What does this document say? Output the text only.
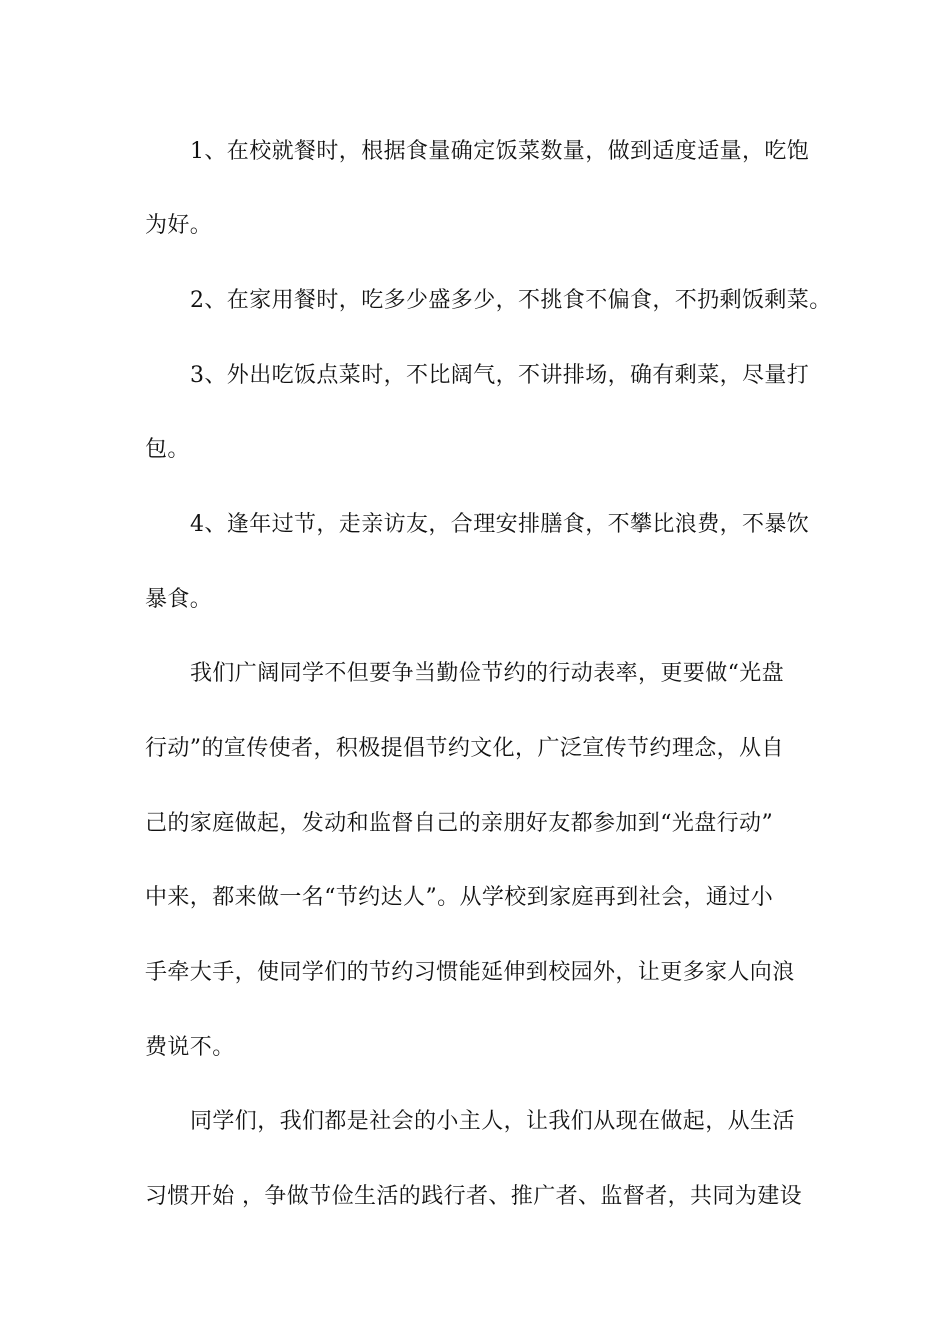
1、在校就餐时，根据食量确定饭菜数量，做到适度适量，吃饱
为好。
2、在家用餐时，吃多少盛多少，不挑食不偏食，不扔剩饭剩菜。
3、外出吃饭点菜时，不比阔气，不讲排场，确有剩菜，尽量打
包。
4、逢年过节，走亲访友，合理安排膳食，不攀比浪费，不暴饮
暴食。
我们广阔同学不但要争当勤俭节约的行动表率，更要做“光盘
行动”的宣传使者，积极提倡节约文化，广泛宣传节约理念，从自
己的家庭做起，发动和监督自己的亲朋好友都参加到“光盘行动”
中来，都来做一名“节约达人”。从学校到家庭再到社会，通过小
手牵大手，使同学们的节约习惯能延伸到校园外，让更多家人向浪
费说不。
同学们，我们都是社会的小主人，让我们从现在做起，从生活
习惯开始 ，争做节俭生活的践行者、推广者、监督者，共同为建设
